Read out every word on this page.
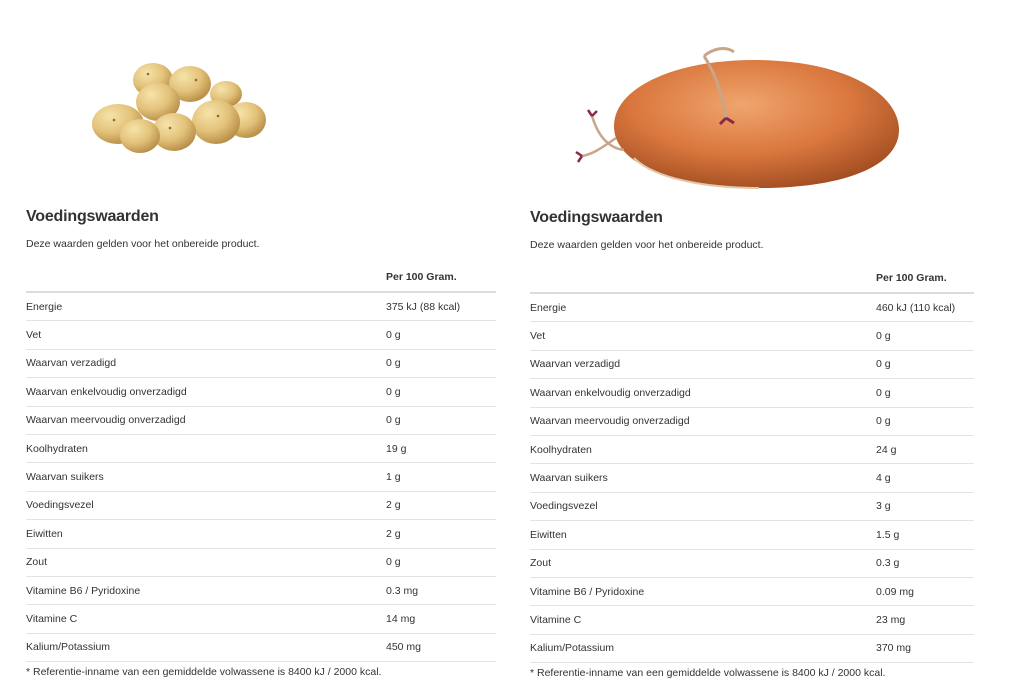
Voedingswaarden

Deze waarden gelden voor het onbereide product.

	Per 100 Gram.
Energie	375 kJ (88 kcal)
Vet	0 g
Waarvan verzadigd	0 g
Waarvan enkelvoudig onverzadigd	0 g
Waarvan meervoudig onverzadigd	0 g
Koolhydraten	19 g
Waarvan suikers	1 g
Voedingsvezel	2 g
Eiwitten	2 g
Zout	0 g
Vitamine B6 / Pyridoxine	0.3 mg
Vitamine C	14 mg
Kalium/Potassium	450 mg

* Referentie-inname van een gemiddelde volwassene is 8400 kJ / 2000 kcal.

Voedingswaarden

Deze waarden gelden voor het onbereide product.

	Per 100 Gram.
Energie	460 kJ (110 kcal)
Vet	0 g
Waarvan verzadigd	0 g
Waarvan enkelvoudig onverzadigd	0 g
Waarvan meervoudig onverzadigd	0 g
Koolhydraten	24 g
Waarvan suikers	4 g
Voedingsvezel	3 g
Eiwitten	1.5 g
Zout	0.3 g
Vitamine B6 / Pyridoxine	0.09 mg
Vitamine C	23 mg
Kalium/Potassium	370 mg

* Referentie-inname van een gemiddelde volwassene is 8400 kJ / 2000 kcal.
